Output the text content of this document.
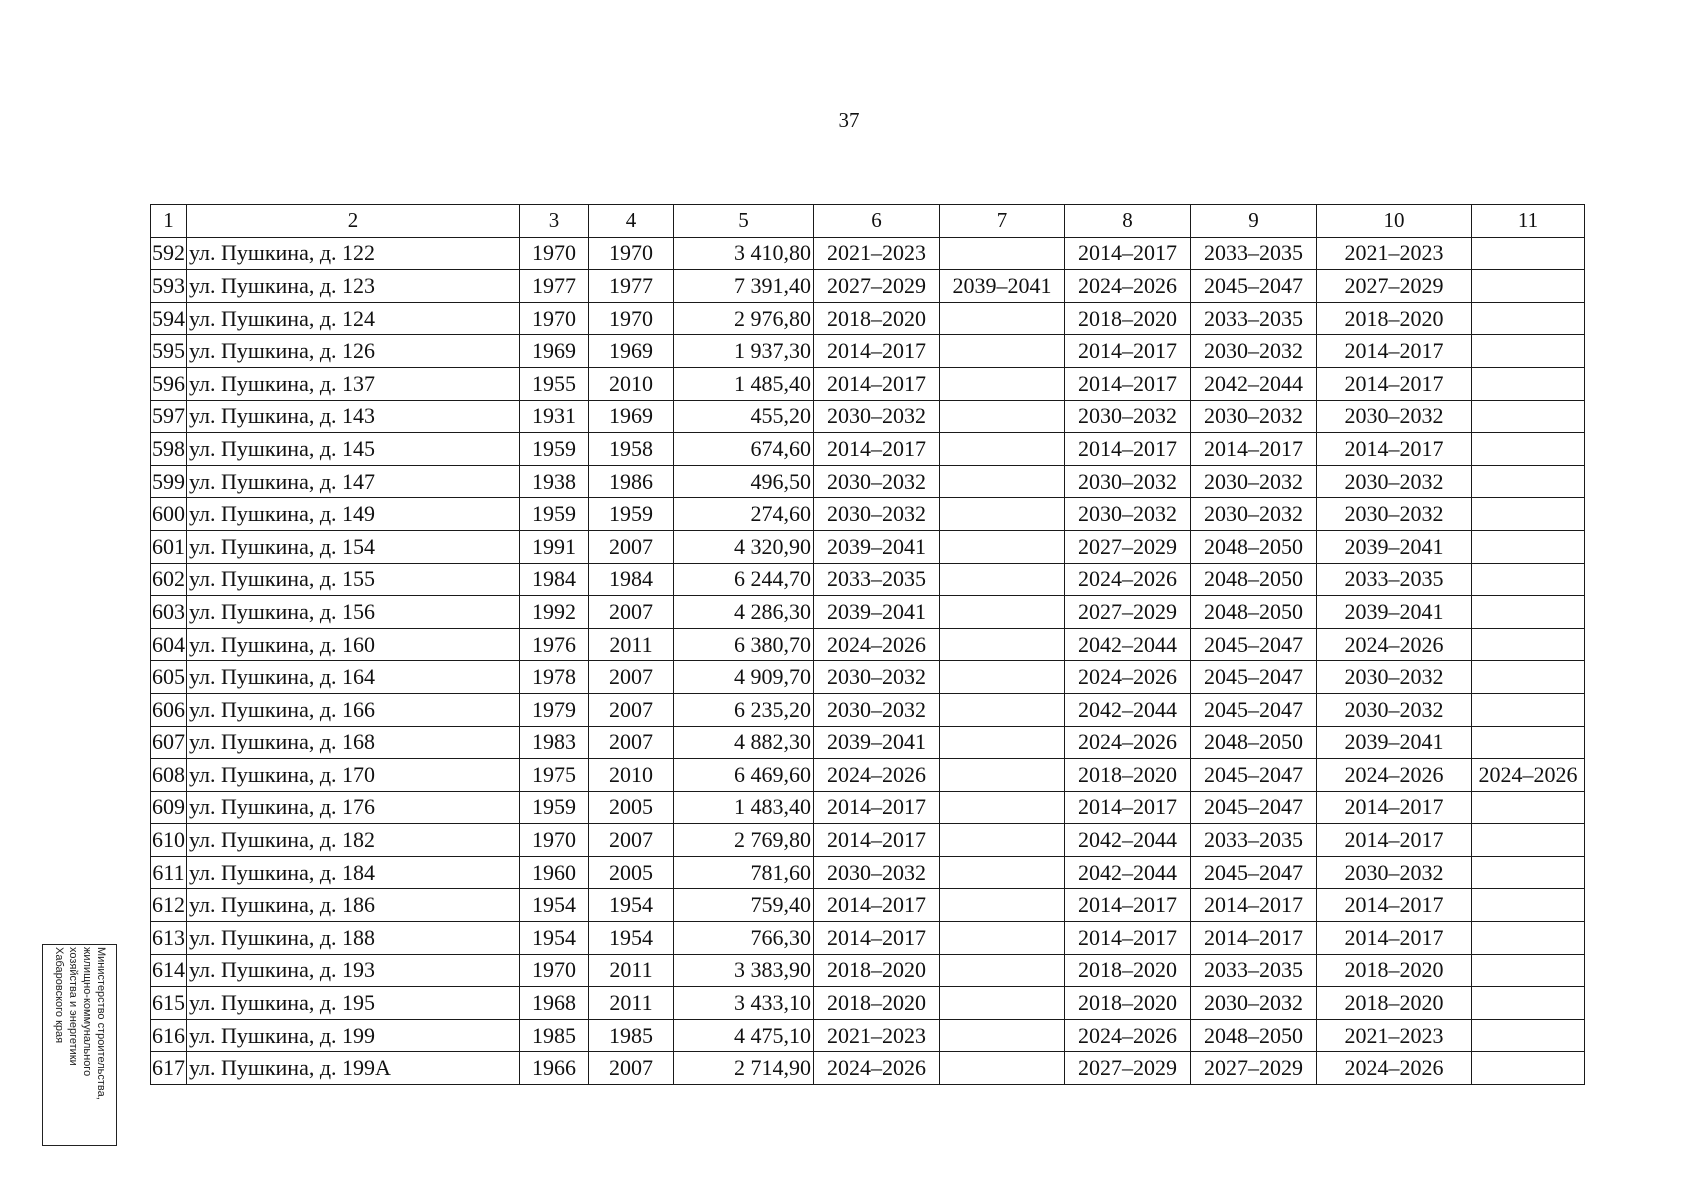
37
1	2	3	4	5	6	7	8	9	10	11
592	ул. Пушкина, д. 122	1970	1970	3 410,80	2021–2023		2014–2017	2033–2035	2021–2023	
593	ул. Пушкина, д. 123	1977	1977	7 391,40	2027–2029	2039–2041	2024–2026	2045–2047	2027–2029	
594	ул. Пушкина, д. 124	1970	1970	2 976,80	2018–2020		2018–2020	2033–2035	2018–2020	
595	ул. Пушкина, д. 126	1969	1969	1 937,30	2014–2017		2014–2017	2030–2032	2014–2017	
596	ул. Пушкина, д. 137	1955	2010	1 485,40	2014–2017		2014–2017	2042–2044	2014–2017	
597	ул. Пушкина, д. 143	1931	1969	455,20	2030–2032		2030–2032	2030–2032	2030–2032	
598	ул. Пушкина, д. 145	1959	1958	674,60	2014–2017		2014–2017	2014–2017	2014–2017	
599	ул. Пушкина, д. 147	1938	1986	496,50	2030–2032		2030–2032	2030–2032	2030–2032	
600	ул. Пушкина, д. 149	1959	1959	274,60	2030–2032		2030–2032	2030–2032	2030–2032	
601	ул. Пушкина, д. 154	1991	2007	4 320,90	2039–2041		2027–2029	2048–2050	2039–2041	
602	ул. Пушкина, д. 155	1984	1984	6 244,70	2033–2035		2024–2026	2048–2050	2033–2035	
603	ул. Пушкина, д. 156	1992	2007	4 286,30	2039–2041		2027–2029	2048–2050	2039–2041	
604	ул. Пушкина, д. 160	1976	2011	6 380,70	2024–2026		2042–2044	2045–2047	2024–2026	
605	ул. Пушкина, д. 164	1978	2007	4 909,70	2030–2032		2024–2026	2045–2047	2030–2032	
606	ул. Пушкина, д. 166	1979	2007	6 235,20	2030–2032		2042–2044	2045–2047	2030–2032	
607	ул. Пушкина, д. 168	1983	2007	4 882,30	2039–2041		2024–2026	2048–2050	2039–2041	
608	ул. Пушкина, д. 170	1975	2010	6 469,60	2024–2026		2018–2020	2045–2047	2024–2026	2024–2026
609	ул. Пушкина, д. 176	1959	2005	1 483,40	2014–2017		2014–2017	2045–2047	2014–2017	
610	ул. Пушкина, д. 182	1970	2007	2 769,80	2014–2017		2042–2044	2033–2035	2014–2017	
611	ул. Пушкина, д. 184	1960	2005	781,60	2030–2032		2042–2044	2045–2047	2030–2032	
612	ул. Пушкина, д. 186	1954	1954	759,40	2014–2017		2014–2017	2014–2017	2014–2017	
613	ул. Пушкина, д. 188	1954	1954	766,30	2014–2017		2014–2017	2014–2017	2014–2017	
614	ул. Пушкина, д. 193	1970	2011	3 383,90	2018–2020		2018–2020	2033–2035	2018–2020	
615	ул. Пушкина, д. 195	1968	2011	3 433,10	2018–2020		2018–2020	2030–2032	2018–2020	
616	ул. Пушкина, д. 199	1985	1985	4 475,10	2021–2023		2024–2026	2048–2050	2021–2023	
617	ул. Пушкина, д. 199А	1966	2007	2 714,90	2024–2026		2027–2029	2027–2029	2024–2026	
Министерство строительства,
жилищно-коммунального
хозяйства и энергетики
Хабаровского края
